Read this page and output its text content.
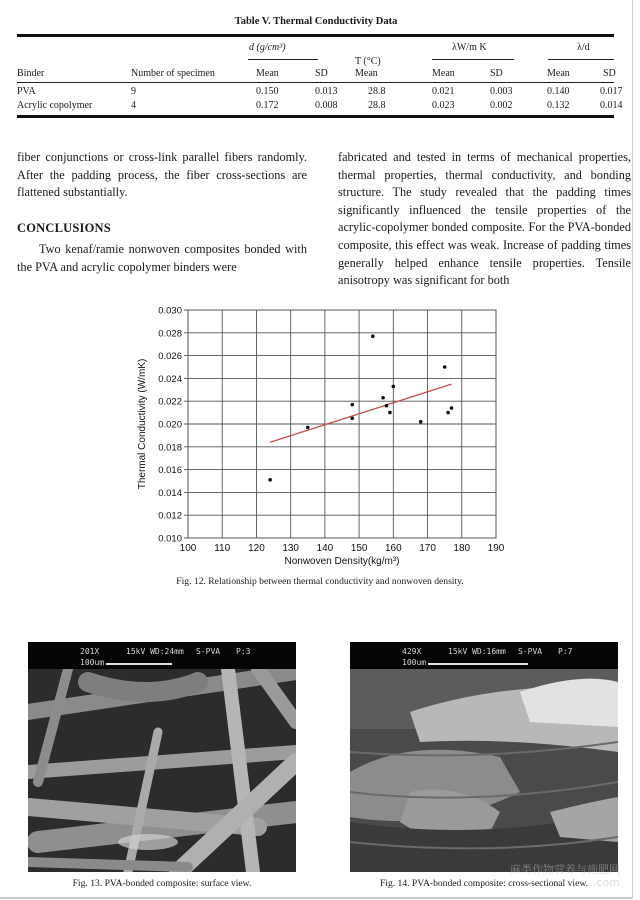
Table V. Thermal Conductivity Data
d (g/cm³)
T (°C)
λW/m K	λ/d
Binder	Number of specimen	Mean	SD	Mean	Mean	SD	Mean	SD
PVA	9	0.150	0.013	28.8	0.021	0.003	0.140	0.017
Acrylic copolymer	4	0.172	0.008	28.8	0.023	0.002	0.132	0.014

fiber conjunctions or cross-link parallel fibers randomly. After the padding process, the fiber cross-sections are flattened substantially.

CONCLUSIONS

Two kenaf/ramie nonwoven composites bonded with the PVA and acrylic copolymer binders were

fabricated and tested in terms of mechanical properties, thermal properties, thermal conductivity, and bonding structure. The study revealed that the padding times significantly influenced the tensile properties of the acrylic-copolymer bonded composite. For the PVA-bonded composite, this effect was weak. Increase of padding times generally helped enhance tensile properties. Tensile anisotropy was significant for both

100 110 120 130 140 150 160 170 180 190
0.010
0.012
0.014
0.016
0.018
0.020
0.022
0.024
0.026
0.028
0.030
Nonwoven Density(kg/m³)
Thermal Conductivity (W/mK)
Fig. 12. Relationship between thermal conductivity and nonwoven density.
201X	15kV WD:24mm S-PVA P:3
100um
Fig. 13. PVA-bonded composite: surface view.
429X	15kV WD:16mm S-PVA P:7
100um
Fig. 14. PVA-bonded composite: cross-sectional view.
麻类作物营养与施肥网
.com
